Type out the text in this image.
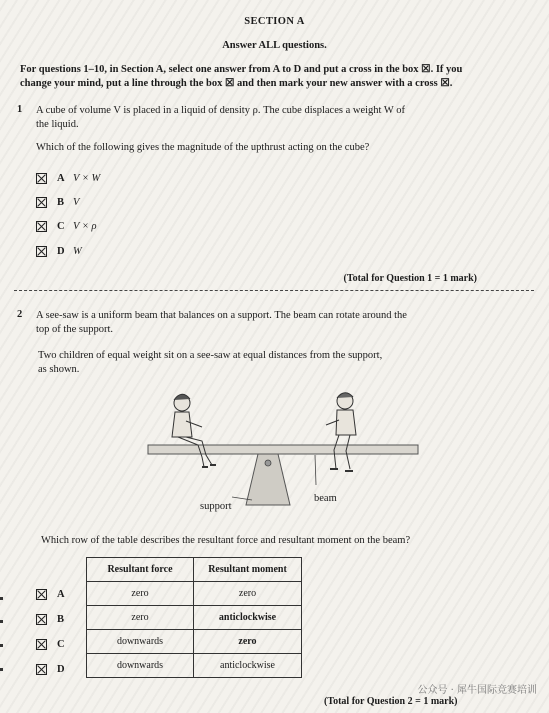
SECTION A
Answer ALL questions.
For questions 1–10, in Section A, select one answer from A to D and put a cross in the box ☒. If you
change your mind, put a line through the box ☒ and then mark your new answer with a cross ☒.
1 A cube of volume V is placed in a liquid of density ρ. The cube displaces a weight W of
the liquid.
Which of the following gives the magnitude of the upthrust acting on the cube?
A V × W
B V
C V × ρ
D W
(Total for Question 1 = 1 mark)
2 A see-saw is a uniform beam that balances on a support. The beam can rotate around the
top of the support.
Two children of equal weight sit on a see-saw at equal distances from the support,
as shown.
beam
support
Which row of the table describes the resultant force and resultant moment on the beam?
A
B
C
D
Resultant force	Resultant moment
zero	zero
zero	anticlockwise
downwards	zero
downwards	anticlockwise
公众号 · 犀牛国际竞赛培训
(Total for Question 2 = 1 mark)
